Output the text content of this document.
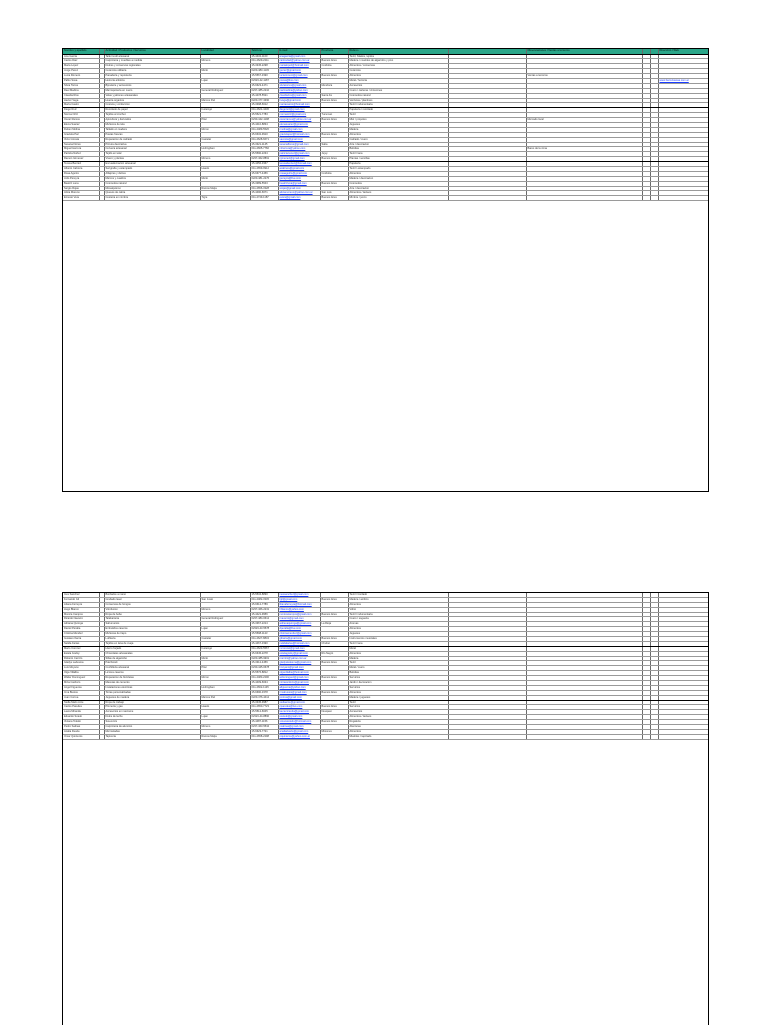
Nombre y apellido		Actividad / Productos / Servicios	Localidad	Teléfono	E-mail	Provincia	Rubros		Observaciones / Ventas a terceros			Dirección / Web
Ana Garcia		Taller textil artesanal		15-4432-1100	anagarcia@gmail.com		Textil, hilados, tejidos					
Carlos Diaz		Carpinteria y muebles a medida	Moreno	011-4629-2211	carlosdiaz@yahoo.com.ar	Buenos Aires	Madera / muebles de algarrobo y pino					
Maria Lopez		Dulces y conservas regionales		15-3345-2298	marialopez@hotmail.com	Cordoba	Alimentos / conservas					
Jorge Perez		Ceramica utilitaria	Merlo	0220-483-1145	jperez@gmail.com		Ceramica					
Lucia Romero		Panaderia y reposteria		15-5567-3390	luciaromero@gmail.com	Buenos Aires	Alimentos		Ventas a terceros			
Pablo Sosa		Herreria artistica	Lujan	02323-42-1187	psosa@live.com		Metal / herreria					www.herreriasosa.com.ar
Silvia Torres		Bijouterie y accesorios		15-6623-4471	silviatorres@gmail.com	Mendoza	Accesorios					
Raul Medina		Marroquineria en cuero	General Rodriguez	0237-485-2210	raulmedina@yahoo.com		Cuero / carteras / cinturones					
Claudia Rios		Velas y jabones artesanales		15-4478-5521	claudiarios@gmail.com	Santa Fe	Cosmetica natural					
Hector Vega		Huerta organica	Marcos Paz	0220-477-3390	hvega@gmail.com	Buenos Aires	Verduras / plantines					
Marta Castro		Costura y confeccion		15-3398-6612	martacastro@hotmail.com		Textil / indumentaria					
Diego Ruiz		Reciclado de papel	Ituzaingo	011-4621-4430	diegoruiz@gmail.com		Papeleria / reciclado					
Norma Ortiz		Tejidos al crochet		15-5521-7783	normaortiz@gmail.com	Tucuman	Textil					
Oscar Ramos		Apicultura y derivados	Pilar	0230-442-1198	oscarramos@yahoo.com.ar	Buenos Aires	Miel / propoleo		Mercado local			
Elena Suarez		Muñecos de tela		15-4410-8834	elenasuarez@gmail.com		Juguetes					
Ruben Molina		Tallado en madera	Moron	011-4489-5520	rmolina@gmail.com		Madera					
Graciela Paz		Pastas frescas		15-6632-9910	gracielapaz@hotmail.com	Buenos Aires	Alimentos					
Victor Acosta		Reparacion de calzado	Castelar	011-4628-6671	vacosta@gmail.com		Calzado / cuero					
Susana Flores		Pintura decorativa		15-3321-1145	susanaflores@gmail.com	Salta	Arte / decoracion					
Miguel Herrera		Cerveza artesanal	Hurlingham	011-4665-7782	mherrera@yahoo.com		Bebidas		Bares de la zona			
Patricia Nuñez		Tejido en telar		15-5590-2234	patricianunez@gmail.com	Jujuy	Textil / lana					
Ramon Gimenez		Vivero y plantas	Moreno	0237-462-8891	rgimenez@gmail.com	Buenos Aires	Plantas / semillas					
Teresa Benitez		Encuadernacion artesanal		15-4456-3367	teresabenitez@hotmail.com		Papeleria					
Alberto Cabrera		Serigrafia y estampado	Haedo	011-4659-9912	acabrera@gmail.com		Textil / estampado					
Rosa Aguirre		Alfajores y dulces		15-6677-4456	rosaaguirre@gmail.com	Cordoba	Alimentos					
Julio Pereyra		Marcos y cuadros	Merlo	0220-481-2276	jpereyra@live.com		Madera / decoracion					
Beatriz Luna		Cosmetica natural		15-3389-5543	beatrizluna@gmail.com	Buenos Aires	Cosmetica					
Sergio Rojas		Mosaiquismo	Ramos Mejia	011-4656-3328	srojas@gmail.com		Arte / decoracion					
Alicia Moreno		Quesos de cabra		15-4490-6671	aliciamoreno@yahoo.com.ar	San Luis	Alimentos / lacteos					
Ernesto Vera		Cesteria en mimbre	Tigre	011-4749-1187	evera@gmail.com	Buenos Aires	Mimbre / junco					
Ines Sanchez		Bordados a mano		15-5534-8890	inessanchez@gmail.com		Textil / bordado					
Fernando Gil		Grabado laser	San Justo	011-4482-3345	fgil@gmail.com	Buenos Aires	Madera / acrilico					
Liliana Ferreyra		Conservas de hongos		15-6612-7789	lilianaferreyra@hotmail.com		Alimentos					
Hugo Blanco		Vitrofusion	Moreno	0237-466-2231	hblanco@yahoo.com		Vidrio					
Monica Campos		Ropa de bebe		15-4421-9956	monicacampos@gmail.com	Buenos Aires	Textil / indumentaria					
Ricardo Navarro		Talabarteria	General Rodriguez	0237-484-6612	rnavarro@gmail.com		Cuero / sogueria					
Adriana Quiroga		Sahumerios		15-3367-2214	adrianaquiroga@gmail.com	La Rioja	Aromas					
Daniel Peralta		Embutidos caseros	Lujan	02323-43-5578	dperalta@live.com		Alimentos					
Cristina Mendez		Muñecas de trapo		15-5598-1123	cristinamendez@gmail.com		Juguetes					
Gustavo Ibarra		Luthieria	Castelar	011-4627-8834	gibarra@gmail.com	Buenos Aires	Instrumentos musicales					
Nelida Farias		Tejidos en lana de oveja		15-4467-3390	nelidafarias@hotmail.com	Chubut	Textil / lana					
Mario Coronel		Hierro forjado	Ituzaingo	011-4623-5567	mcoronel@gmail.com		Metal					
Estela Godoy		Chocolates artesanales		15-6645-2278	estelagodoy@gmail.com	Rio Negro	Alimentos					
Roberto Carrizo		Sillas de algarrobo	Merlo	0220-485-9901	rcarrizo@yahoo.com.ar		Madera					
Gladys Ledesma		Patchwork		15-3312-4456	gladysledesma@gmail.com	Buenos Aires	Textil					
Luis Moyano		Cuchilleria artesanal	Pilar	0230-445-6678	lmoyano@gmail.com		Metal / cuero					
Olga Villalba		Licores caseros		15-5576-8812	olgavillalba@hotmail.com		Bebidas					
Walter Dominguez		Reparacion de bicicletas	Moron	011-4483-2290	wdominguez@gmail.com	Buenos Aires	Servicios					
Mirta Cardozo		Macetas de cemento		15-4409-6634	mirtacardozo@gmail.com		Jardin / decoracion					
Angel Figueroa		Instalaciones electricas	Hurlingham	011-4662-1145	afigueroa@yahoo.com		Servicios					
Irma Bustos		Tortas personalizadas		15-6690-3378	irmabustos@gmail.com	Buenos Aires	Alimentos					
Juan Correa		Juguetes de madera	Marcos Paz	0220-476-4412	jcorrea@gmail.com		Madera / juguetes					
Stella Maris Arce		Ropa de trabajo		15-3345-9987	stellaarce@gmail.com		Textil					
Carlos Paredes		Plomeria y gas	Haedo	011-4650-7723	cparedes@live.com	Buenos Aires	Servicios					
Laura Miranda		Accesorios en macrame		15-5512-6645	lauramiranda@gmail.com	Neuquen	Accesorios					
Eduardo Sotelo		Dulce de leche	Lujan	02323-44-8890	esotelo@gmail.com		Alimentos / lacteos					
Viviana Toledo		Souvenirs		15-4487-1156	vivianatoledo@hotmail.com	Buenos Aires	Regaleria					
Pedro Salinas		Carpinteria de aluminio	Moreno	0237-463-5534	psalinas@gmail.com		Aberturas					
Analia Duarte		Mermeladas		15-6623-7721	analiaduarte@gmail.com	Misiones	Alimentos					
Omar Quinteros		Tapiceria	Ramos Mejia	011-4658-2298	oquinteros@yahoo.com.ar		Muebles / tapizado					
